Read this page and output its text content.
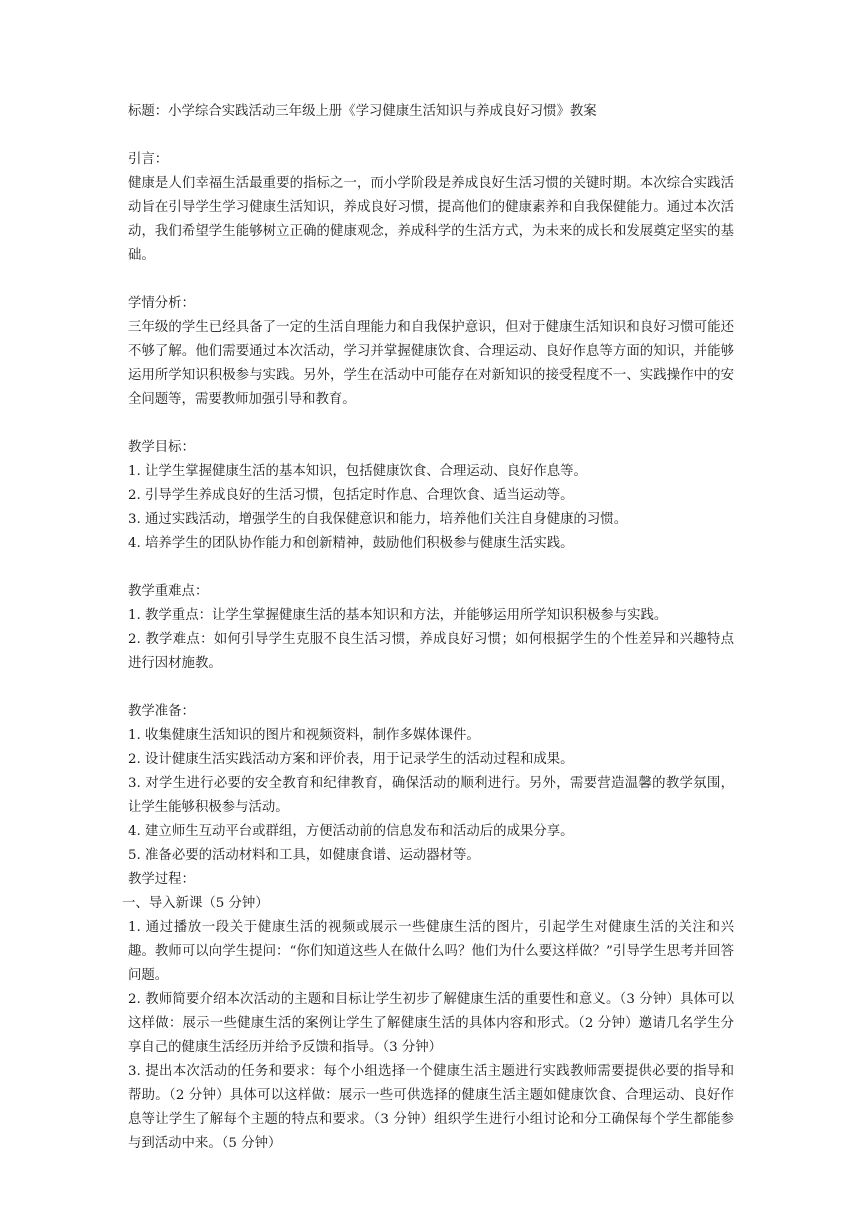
标题：小学综合实践活动三年级上册《学习健康生活知识与养成良好习惯》教案

引言：

健康是人们幸福生活最重要的指标之一，而小学阶段是养成良好生活习惯的关键时期。本次综合实践活动旨在引导学生学习健康生活知识，养成良好习惯，提高他们的健康素养和自我保健能力。通过本次活动，我们希望学生能够树立正确的健康观念，养成科学的生活方式，为未来的成长和发展奠定坚实的基础。

学情分析：

三年级的学生已经具备了一定的生活自理能力和自我保护意识，但对于健康生活知识和良好习惯可能还不够了解。他们需要通过本次活动，学习并掌握健康饮食、合理运动、良好作息等方面的知识，并能够运用所学知识积极参与实践。另外，学生在活动中可能存在对新知识的接受程度不一、实践操作中的安全问题等，需要教师加强引导和教育。

教学目标：

1. 让学生掌握健康生活的基本知识，包括健康饮食、合理运动、良好作息等。

2. 引导学生养成良好的生活习惯，包括定时作息、合理饮食、适当运动等。

3. 通过实践活动，增强学生的自我保健意识和能力，培养他们关注自身健康的习惯。

4. 培养学生的团队协作能力和创新精神，鼓励他们积极参与健康生活实践。

教学重难点：

1. 教学重点：让学生掌握健康生活的基本知识和方法，并能够运用所学知识积极参与实践。

2. 教学难点：如何引导学生克服不良生活习惯，养成良好习惯；如何根据学生的个性差异和兴趣特点进行因材施教。

教学准备：

1. 收集健康生活知识的图片和视频资料，制作多媒体课件。

2. 设计健康生活实践活动方案和评价表，用于记录学生的活动过程和成果。

3. 对学生进行必要的安全教育和纪律教育，确保活动的顺利进行。另外，需要营造温馨的教学氛围，让学生能够积极参与活动。

4. 建立师生互动平台或群组，方便活动前的信息发布和活动后的成果分享。

5. 准备必要的活动材料和工具，如健康食谱、运动器材等。

教学过程：

一、导入新课（5 分钟）

1. 通过播放一段关于健康生活的视频或展示一些健康生活的图片，引起学生对健康生活的关注和兴趣。教师可以向学生提问：“你们知道这些人在做什么吗？他们为什么要这样做？”引导学生思考并回答问题。

2. 教师简要介绍本次活动的主题和目标让学生初步了解健康生活的重要性和意义。（3 分钟）具体可以这样做：展示一些健康生活的案例让学生了解健康生活的具体内容和形式。（2 分钟）邀请几名学生分享自己的健康生活经历并给予反馈和指导。（3 分钟）

3. 提出本次活动的任务和要求：每个小组选择一个健康生活主题进行实践教师需要提供必要的指导和帮助。（2 分钟）具体可以这样做：展示一些可供选择的健康生活主题如健康饮食、合理运动、良好作息等让学生了解每个主题的特点和要求。（3 分钟）组织学生进行小组讨论和分工确保每个学生都能参与到活动中来。（5 分钟）
